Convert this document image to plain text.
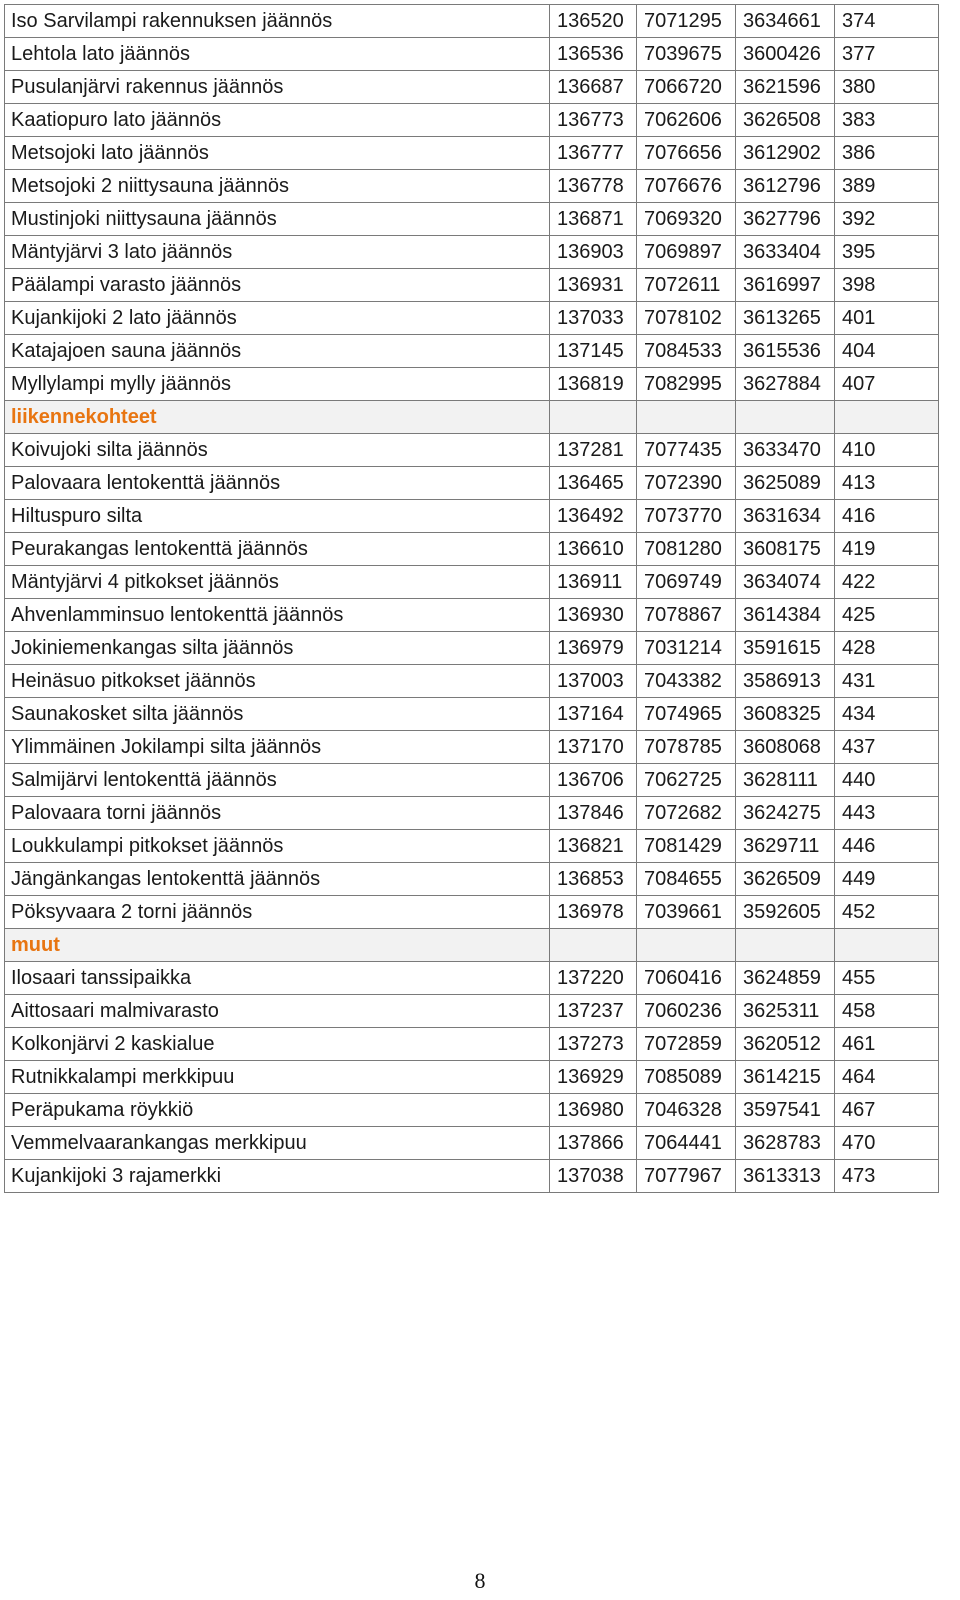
Iso Sarvilampi rakennuksen jäännös	136520	7071295	3634661	374
Lehtola lato jäännös	136536	7039675	3600426	377
Pusulanjärvi rakennus jäännös	136687	7066720	3621596	380
Kaatiopuro lato jäännös	136773	7062606	3626508	383
Metsojoki lato jäännös	136777	7076656	3612902	386
Metsojoki 2 niittysauna jäännös	136778	7076676	3612796	389
Mustinjoki niittysauna jäännös	136871	7069320	3627796	392
Mäntyjärvi 3 lato jäännös	136903	7069897	3633404	395
Päälampi varasto jäännös	136931	7072611	3616997	398
Kujankijoki 2 lato jäännös	137033	7078102	3613265	401
Katajajoen sauna jäännös	137145	7084533	3615536	404
Myllylampi mylly jäännös	136819	7082995	3627884	407
liikennekohteet				
Koivujoki silta jäännös	137281	7077435	3633470	410
Palovaara lentokenttä jäännös	136465	7072390	3625089	413
Hiltuspuro silta	136492	7073770	3631634	416
Peurakangas lentokenttä jäännös	136610	7081280	3608175	419
Mäntyjärvi 4 pitkokset jäännös	136911	7069749	3634074	422
Ahvenlamminsuo lentokenttä jäännös	136930	7078867	3614384	425
Jokiniemenkangas silta jäännös	136979	7031214	3591615	428
Heinäsuo pitkokset jäännös	137003	7043382	3586913	431
Saunakosket silta jäännös	137164	7074965	3608325	434
Ylimmäinen Jokilampi silta jäännös	137170	7078785	3608068	437
Salmijärvi lentokenttä jäännös	136706	7062725	3628111	440
Palovaara torni jäännös	137846	7072682	3624275	443
Loukkulampi pitkokset jäännös	136821	7081429	3629711	446
Jängänkangas lentokenttä jäännös	136853	7084655	3626509	449
Pöksyvaara 2 torni jäännös	136978	7039661	3592605	452
muut				
Ilosaari tanssipaikka	137220	7060416	3624859	455
Aittosaari malmivarasto	137237	7060236	3625311	458
Kolkonjärvi 2 kaskialue	137273	7072859	3620512	461
Rutnikkalampi merkkipuu	136929	7085089	3614215	464
Peräpukama röykkiö	136980	7046328	3597541	467
Vemmelvaarankangas merkkipuu	137866	7064441	3628783	470
Kujankijoki 3 rajamerkki	137038	7077967	3613313	473
8
